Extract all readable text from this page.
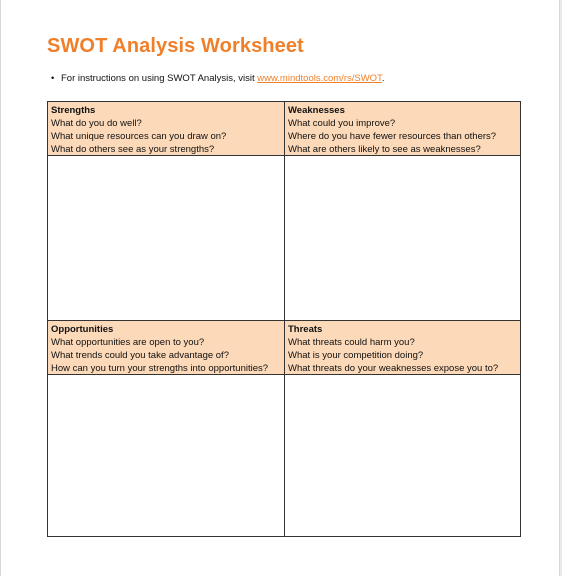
SWOT Analysis Worksheet
• For instructions on using SWOT Analysis, visit www.mindtools.com/rs/SWOT.
Strengths
What do you do well?
What unique resources can you draw on?
What do others see as your strengths?
Weaknesses
What could you improve?
Where do you have fewer resources than others?
What are others likely to see as weaknesses?
Opportunities
What opportunities are open to you?
What trends could you take advantage of?
How can you turn your strengths into opportunities?
Threats
What threats could harm you?
What is your competition doing?
What threats do your weaknesses expose you to?
